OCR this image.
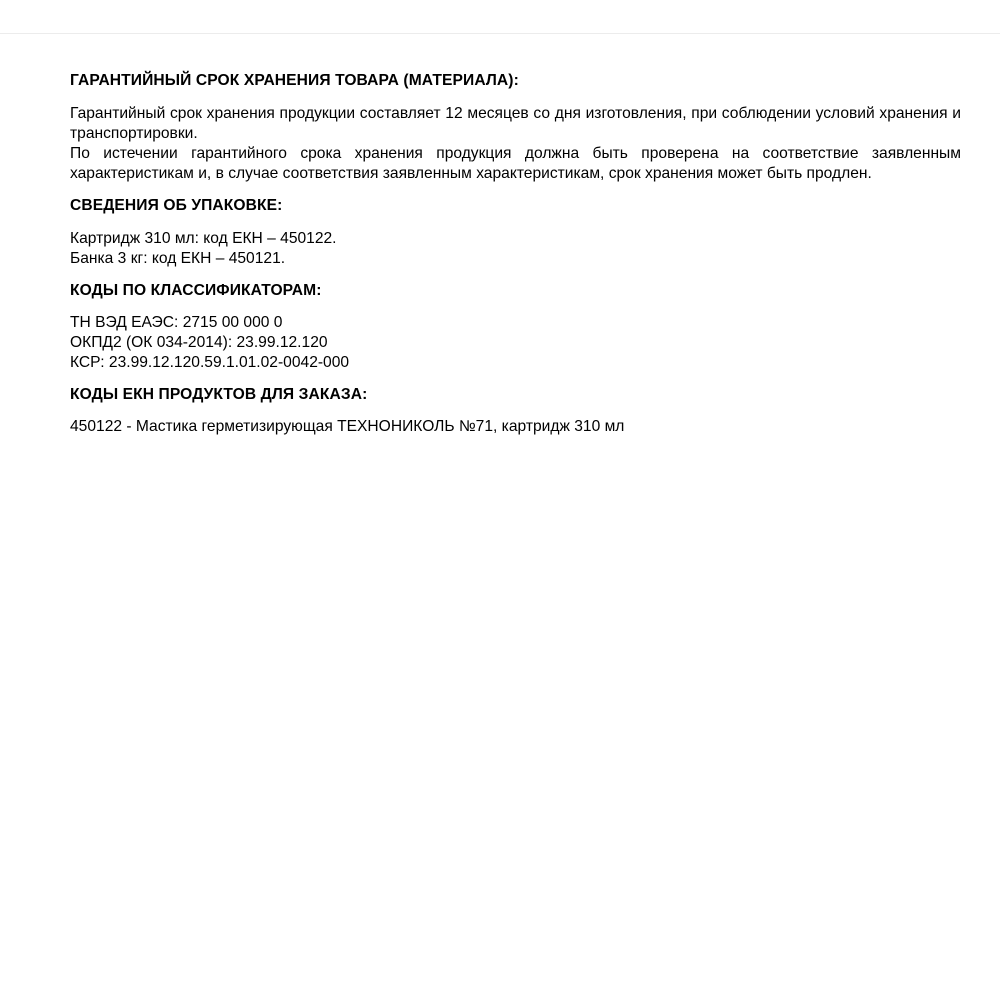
ГАРАНТИЙНЫЙ СРОК ХРАНЕНИЯ ТОВАРА (МАТЕРИАЛА):

Гарантийный срок хранения продукции составляет 12 месяцев со дня изготовления, при соблюдении условий хранения и транспортировки.

По истечении гарантийного срока хранения продукция должна быть проверена на соответствие заявленным характеристикам и, в случае соответствия заявленным характеристикам, срок хранения может быть продлен.

СВЕДЕНИЯ ОБ УПАКОВКЕ:

Картридж 310 мл: код ЕКН – 450122.

Банка 3 кг: код ЕКН – 450121.

КОДЫ ПО КЛАССИФИКАТОРАМ:

ТН ВЭД ЕАЭС: 2715 00 000 0

ОКПД2 (ОК 034-2014): 23.99.12.120

КСР: 23.99.12.120.59.1.01.02-0042-000

КОДЫ ЕКН ПРОДУКТОВ ДЛЯ ЗАКАЗА:

450122 - Мастика герметизирующая ТЕХНОНИКОЛЬ №71, картридж 310 мл
